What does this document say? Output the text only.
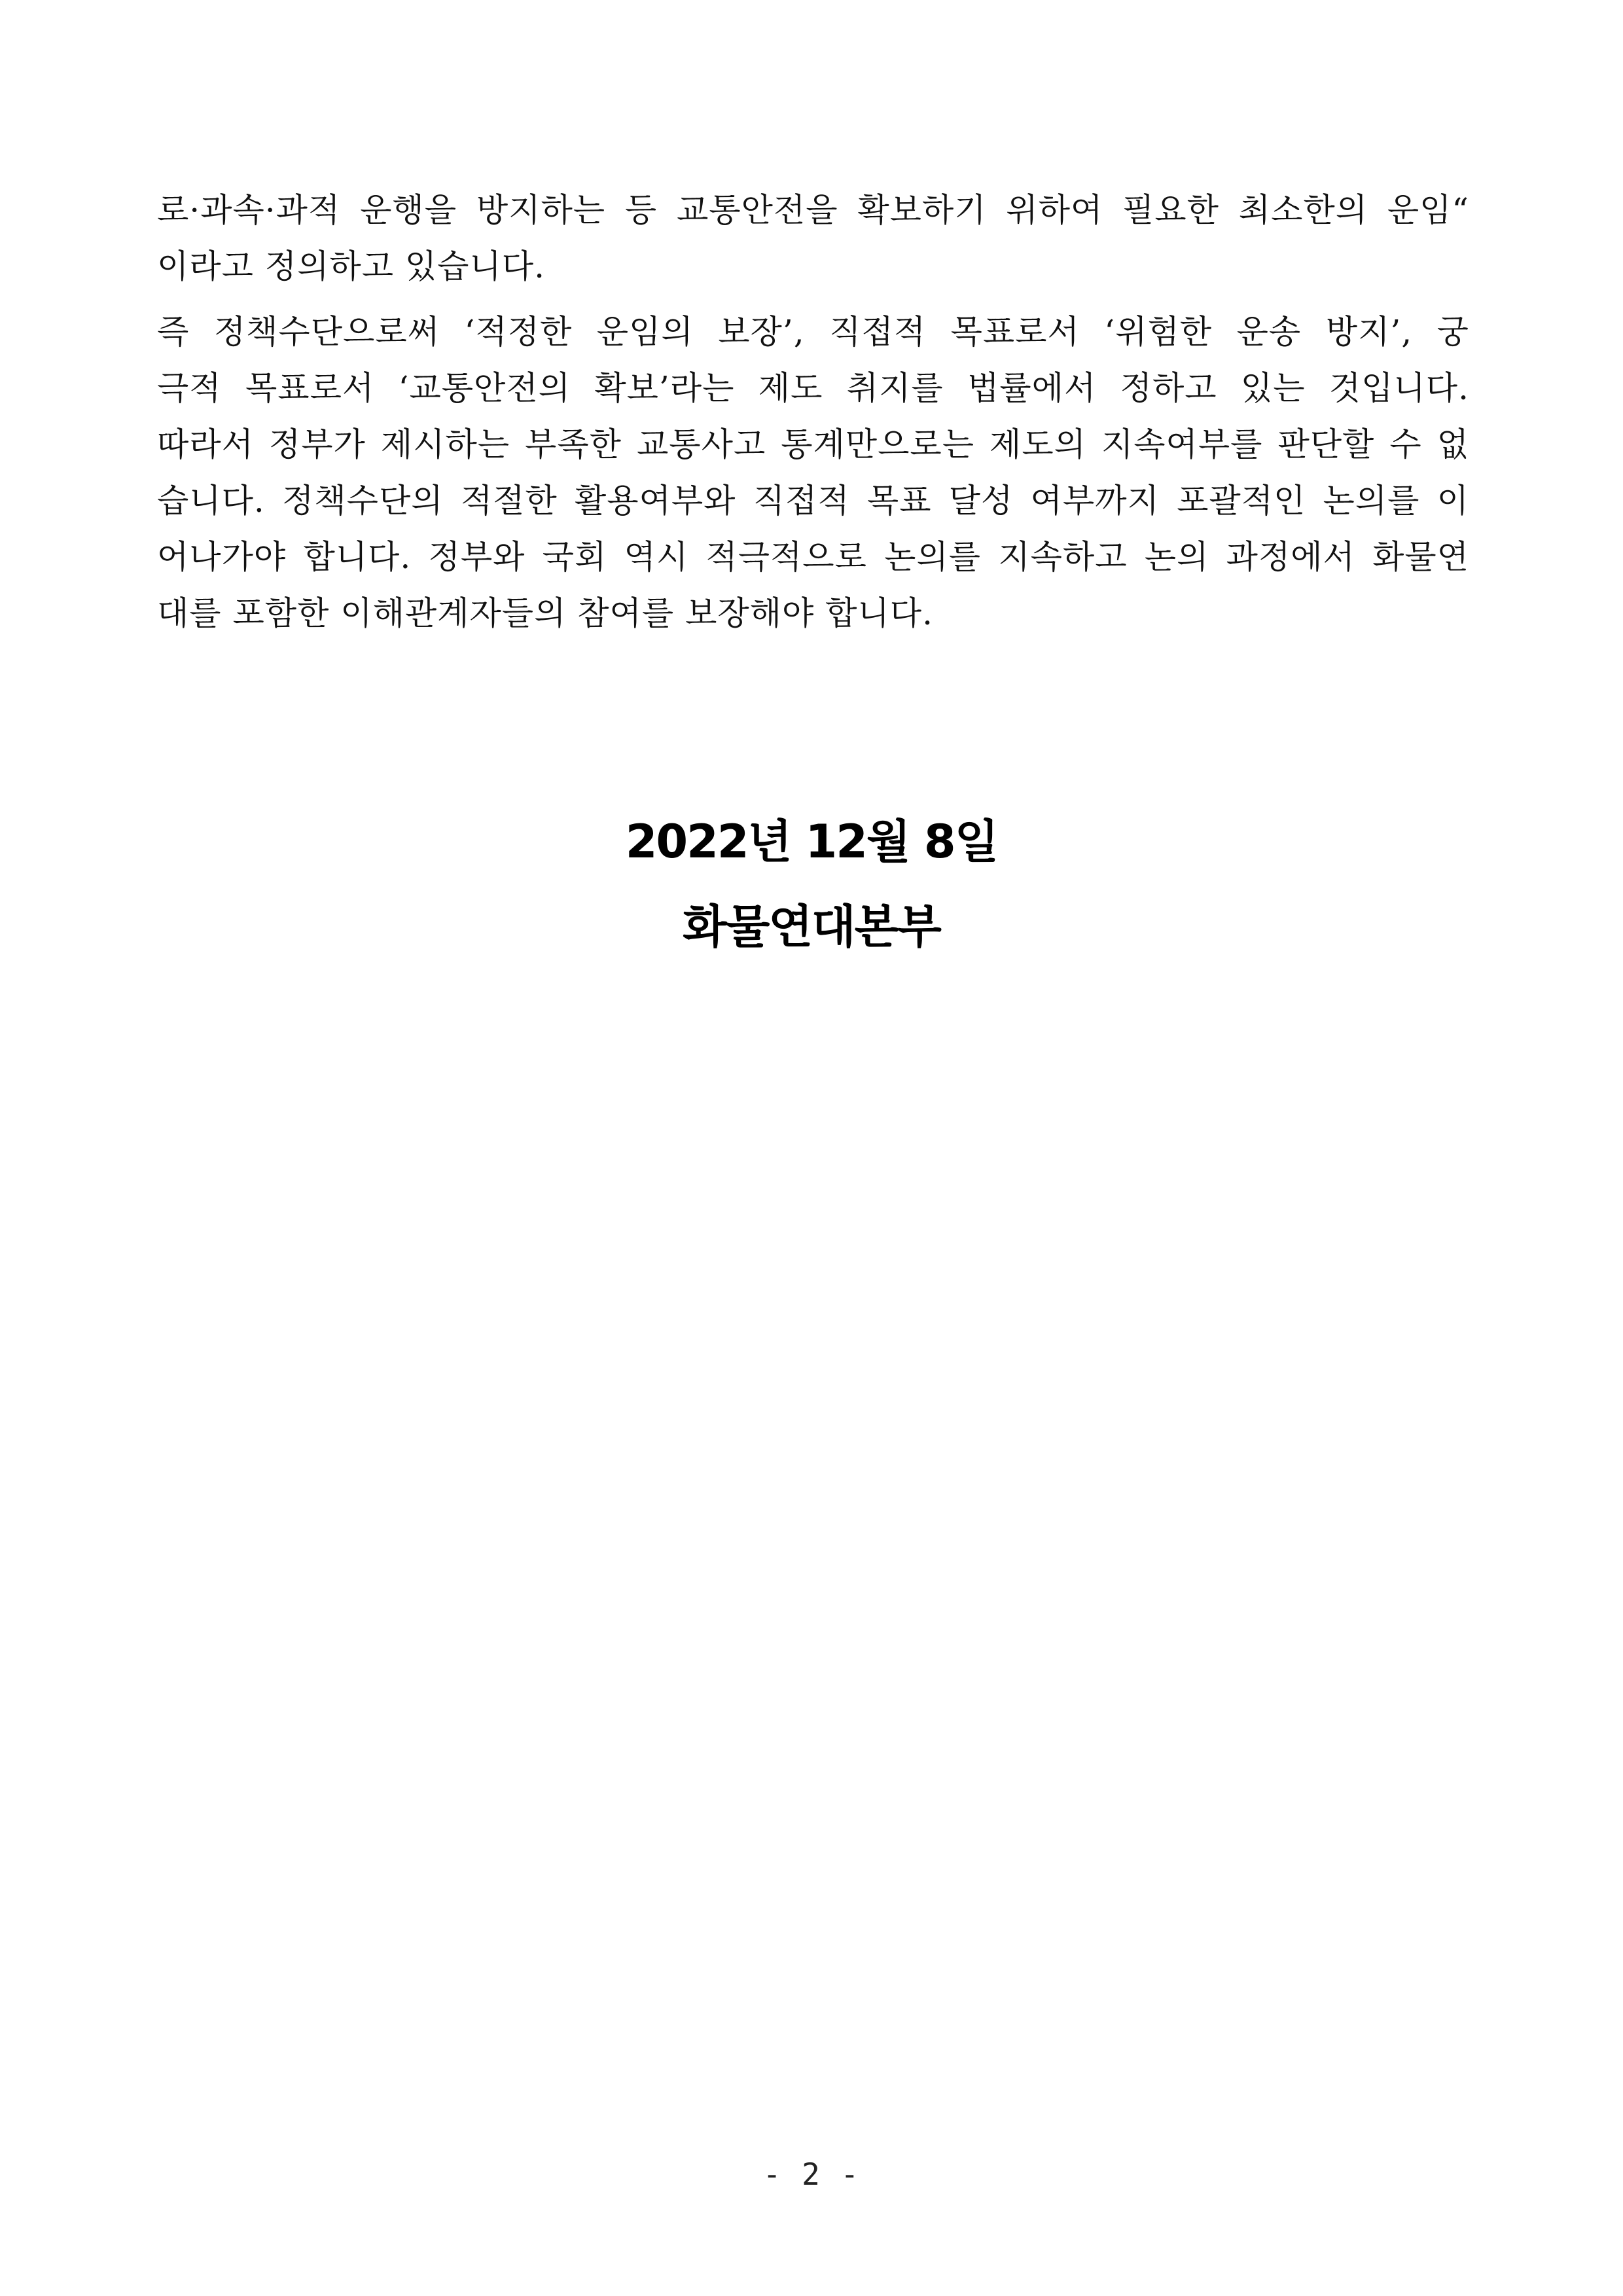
로·과속·과적 운행을 방지하는 등 교통안전을 확보하기 위하여 필요한 최소한의 운임“
이라고 정의하고 있습니다.
즉 정책수단으로써 ‘적정한 운임의 보장’, 직접적 목표로서 ‘위험한 운송 방지’, 궁
극적 목표로서 ‘교통안전의 확보’라는 제도 취지를 법률에서 정하고 있는 것입니다.
따라서 정부가 제시하는 부족한 교통사고 통계만으로는 제도의 지속여부를 판단할 수 없
습니다. 정책수단의 적절한 활용여부와 직접적 목표 달성 여부까지 포괄적인 논의를 이
어나가야 합니다. 정부와 국회 역시 적극적으로 논의를 지속하고 논의 과정에서 화물연
대를 포함한 이해관계자들의 참여를 보장해야 합니다.
2022년 12월 8일
화물연대본부
- 2 -
